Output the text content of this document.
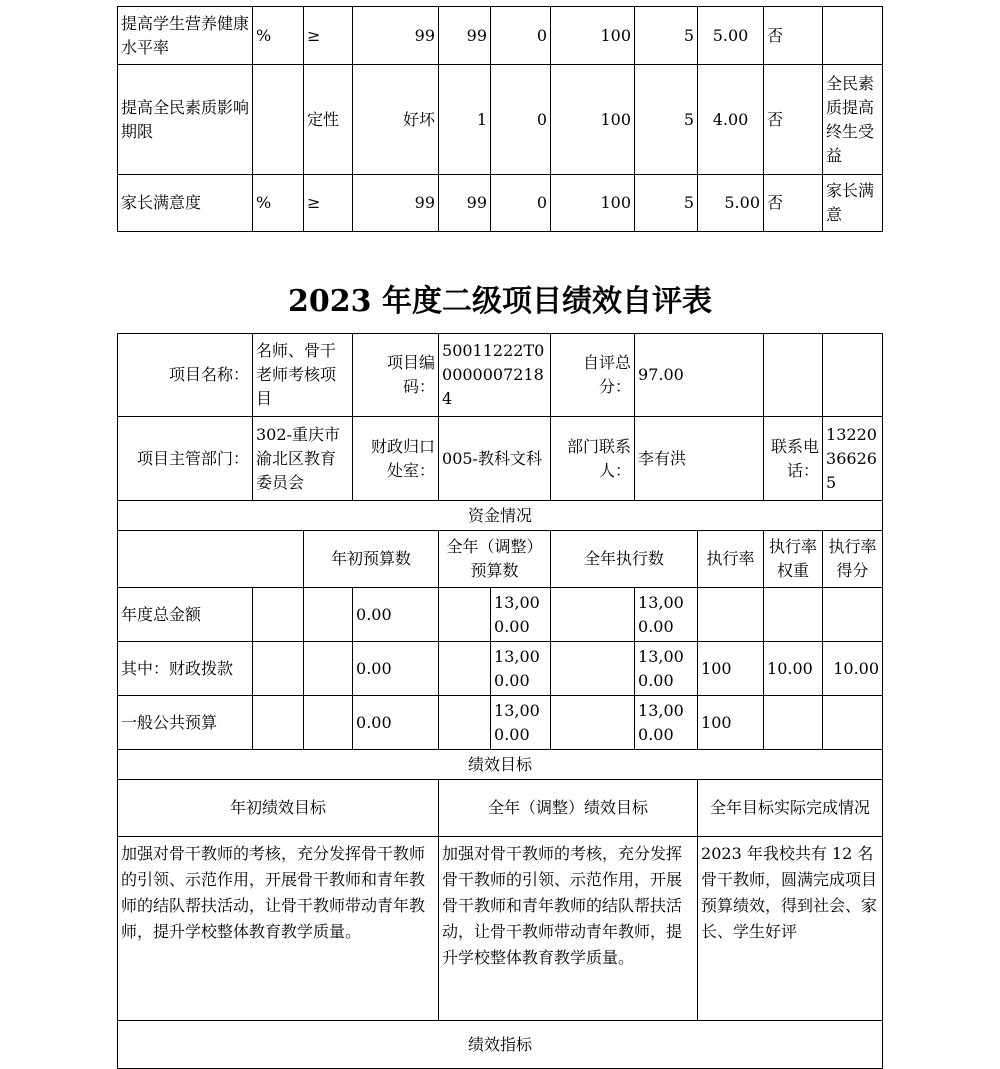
提高学生营养健康水平率	%	≥	99	99	0	100	5	5.00	否	
提高全民素质影响期限		定性	好坏	1	0	100	5	4.00	否	全民素质提高终生受益
家长满意度	%	≥	99	99	0	100	5	5.00	否	家长满意
2023 年度二级项目绩效自评表
项目名称：	名师、骨干老师考核项目		项目编码：	50011222T000000072184		自评总分：	97.00			
项目主管部门：	302-重庆市渝北区教育委员会		财政归口处室：	005-教科文科		部门联系人：	李有洪		联系电话：	13220366265
资金情况										
		年初预算数		全年（调整）预算数		全年执行数		执行率	执行率权重	执行率得分
年度总金额			0.00		13,000.00		13,000.00			
其中：财政拨款			0.00		13,000.00		13,000.00	100	10.00	10.00
一般公共预算			0.00		13,000.00		13,000.00	100		
绩效目标										
年初绩效目标				全年（调整）绩效目标				全年目标实际完成情况		
加强对骨干教师的考核，充分发挥骨干教师的引领、示范作用，开展骨干教师和青年教师的结队帮扶活动，让骨干教师带动青年教师，提升学校整体教育教学质量。				加强对骨干教师的考核，充分发挥骨干教师的引领、示范作用，开展骨干教师和青年教师的结队帮扶活动，让骨干教师带动青年教师，提升学校整体教育教学质量。				2023 年我校共有 12 名骨干教师，圆满完成项目预算绩效，得到社会、家长、学生好评		
绩效指标										
